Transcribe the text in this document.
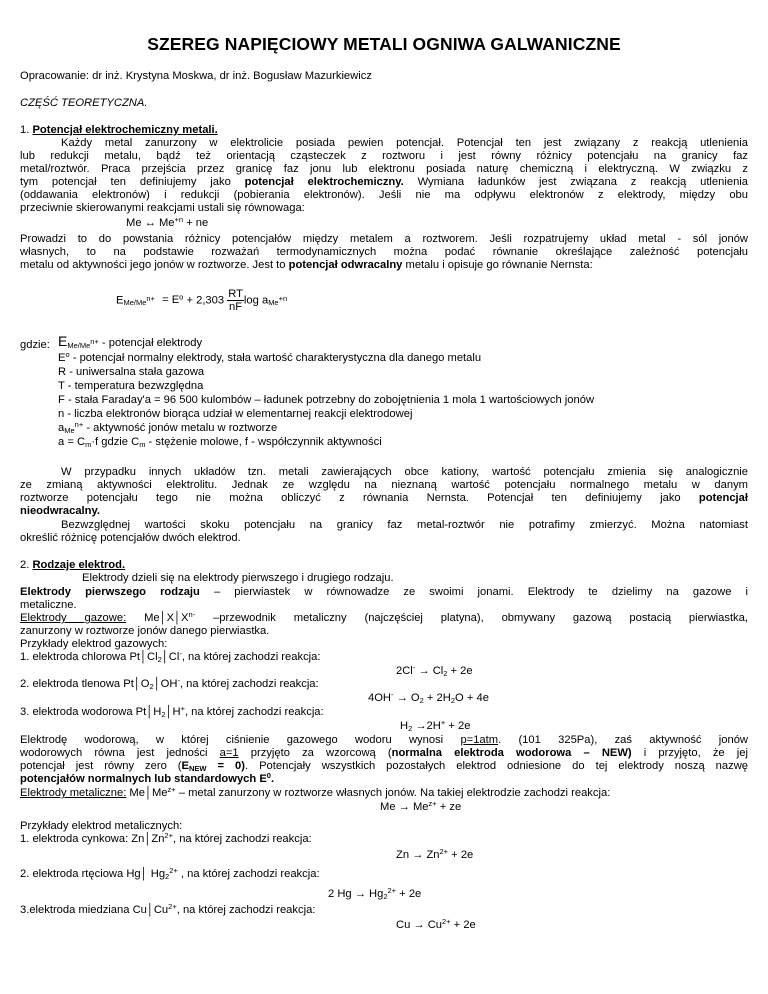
SZEREG NAPIĘCIOWY METALI OGNIWA GALWANICZNE
Opracowanie: dr inż. Krystyna Moskwa, dr inż. Bogusław Mazurkiewicz
CZĘŚĆ TEORETYCZNA.
1. Potencjał elektrochemiczny metali.
Każdy metal zanurzony w elektrolicie posiada pewien potencjał. Potencjał ten jest związany z reakcją utlenienia
lub redukcji metalu, bądź też orientacją cząsteczek z roztworu i jest równy różnicy potencjału na granicy faz
metal/roztwór. Praca przejścia przez granicę faz jonu lub elektronu posiada naturę chemiczną i elektryczną. W związku z
tym potencjał ten definiujemy jako potencjał elektrochemiczny. Wymiana ładunków jest związana z reakcją utlenienia
(oddawania elektronów) i redukcji (pobierania elektronów). Jeśli nie ma odpływu elektronów z elektrody, między obu
przeciwnie skierowanymi reakcjami ustali się równowaga:
Me ↔ $Me^{+n}$ + ne
Prowadzi to do powstania różnicy potencjałów między metalem a roztworem. Jeśli rozpatrujemy układ metal - sól jonów
własnych, to na podstawie rozważań termodynamicznych można podać równanie określające zależność potencjału
metalu od aktywności jego jonów w roztworze. Jest to potencjał odwracalny metalu i opisuje go równanie Nernsta:
$E_{Me/Me^{n+}} = E^o + 2,303 \frac{RT}{nF}$ $\log a_{Me^{+n}}$
gdzie: $E_{Me/Me^{n+}}$ - potencjał elektrody
$E^o$ - potencjał normalny elektrody, stała wartość charakterystyczna dla danego metalu
R - uniwersalna stała gazowa
T - temperatura bezwzględna
F - stała Faraday'a = 96 500 kulombów – ładunek potrzebny do zobojętnienia 1 mola 1 wartościowych jonów
n - liczba elektronów biorąca udział w elementarnej reakcji elektrodowej
$a_{Me}^{n+}$ - aktywność jonów metalu w roztworze
$a = C_m\cdot f$ gdzie $C_m$ - stężenie molowe, f - współczynnik aktywności
W przypadku innych układów tzn. metali zawierających obce kationy, wartość potencjału zmienia się analogicznie
ze zmianą aktywności elektrolitu. Jednak ze względu na nieznaną wartość potencjału normalnego metalu w danym
roztworze potencjału tego nie można obliczyć z równania Nernsta. Potencjał ten definiujemy jako potencjał
nieodwracalny.
Bezwzględnej wartości skoku potencjału na granicy faz metal-roztwór nie potrafimy zmierzyć. Można natomiast
określić różnicę potencjałów dwóch elektrod.
2. Rodzaje elektrod.
Elektrody dzieli się na elektrody pierwszego i drugiego rodzaju.
Elektrody pierwszego rodzaju – pierwiastek w równowadze ze swoimi jonami. Elektrody te dzielimy na gazowe i
metaliczne.
Elektrody gazowe: $Me│X│X^{n-}$ –przewodnik metaliczny (najczęściej platyna), obmywany gazową postacią pierwiastka,
zanurzony w roztworze jonów danego pierwiastka.
Przykłady elektrod gazowych:
1. elektroda chlorowa $Pt│Cl_2│Cl^-$, na której zachodzi reakcja:
$2Cl^- \to Cl_2 + 2e$
2. elektroda tlenowa $Pt│O_2│OH^-$, na której zachodzi reakcja:
$4OH^- \to O_2 + 2H_2O + 4e$
3. elektroda wodorowa $Pt│H_2│H^+$, na której zachodzi reakcja:
$H_2 \to 2H^+ + 2e$
Elektrodę wodorową, w której ciśnienie gazowego wodoru wynosi p=1atm. (101 325Pa), zaś aktywność jonów
wodorowych równa jest jedności a=1 przyjęto za wzorcową (normalna elektroda wodorowa – NEW) i przyjęto, że jej
potencjał jest równy zero $(E_{NEW} = 0)$. Potencjały wszystkich pozostałych elektrod odniesione do tej elektrody noszą nazwę
potencjałów normalnych lub standardowych $E^0$.
Elektrody metaliczne: $Me│Me^{z+}$ – metal zanurzony w roztworze własnych jonów. Na takiej elektrodzie zachodzi reakcja:
$Me \to Me^{z+}$ + ze
Przykłady elektrod metalicznych:
1. elektroda cynkowa: $Zn│Zn^{2+}$, na której zachodzi reakcja:
$Zn \to Zn^{2+} + 2e$
2. elektroda rtęciowa Hg│ $Hg_2^{2+}$ , na której zachodzi reakcja:
2 $Hg \to Hg_2^{2+} + 2e$
3.elektroda miedziana $Cu│Cu^{2+}$, na której zachodzi reakcja:
$Cu \to Cu^{2+} + 2e$
